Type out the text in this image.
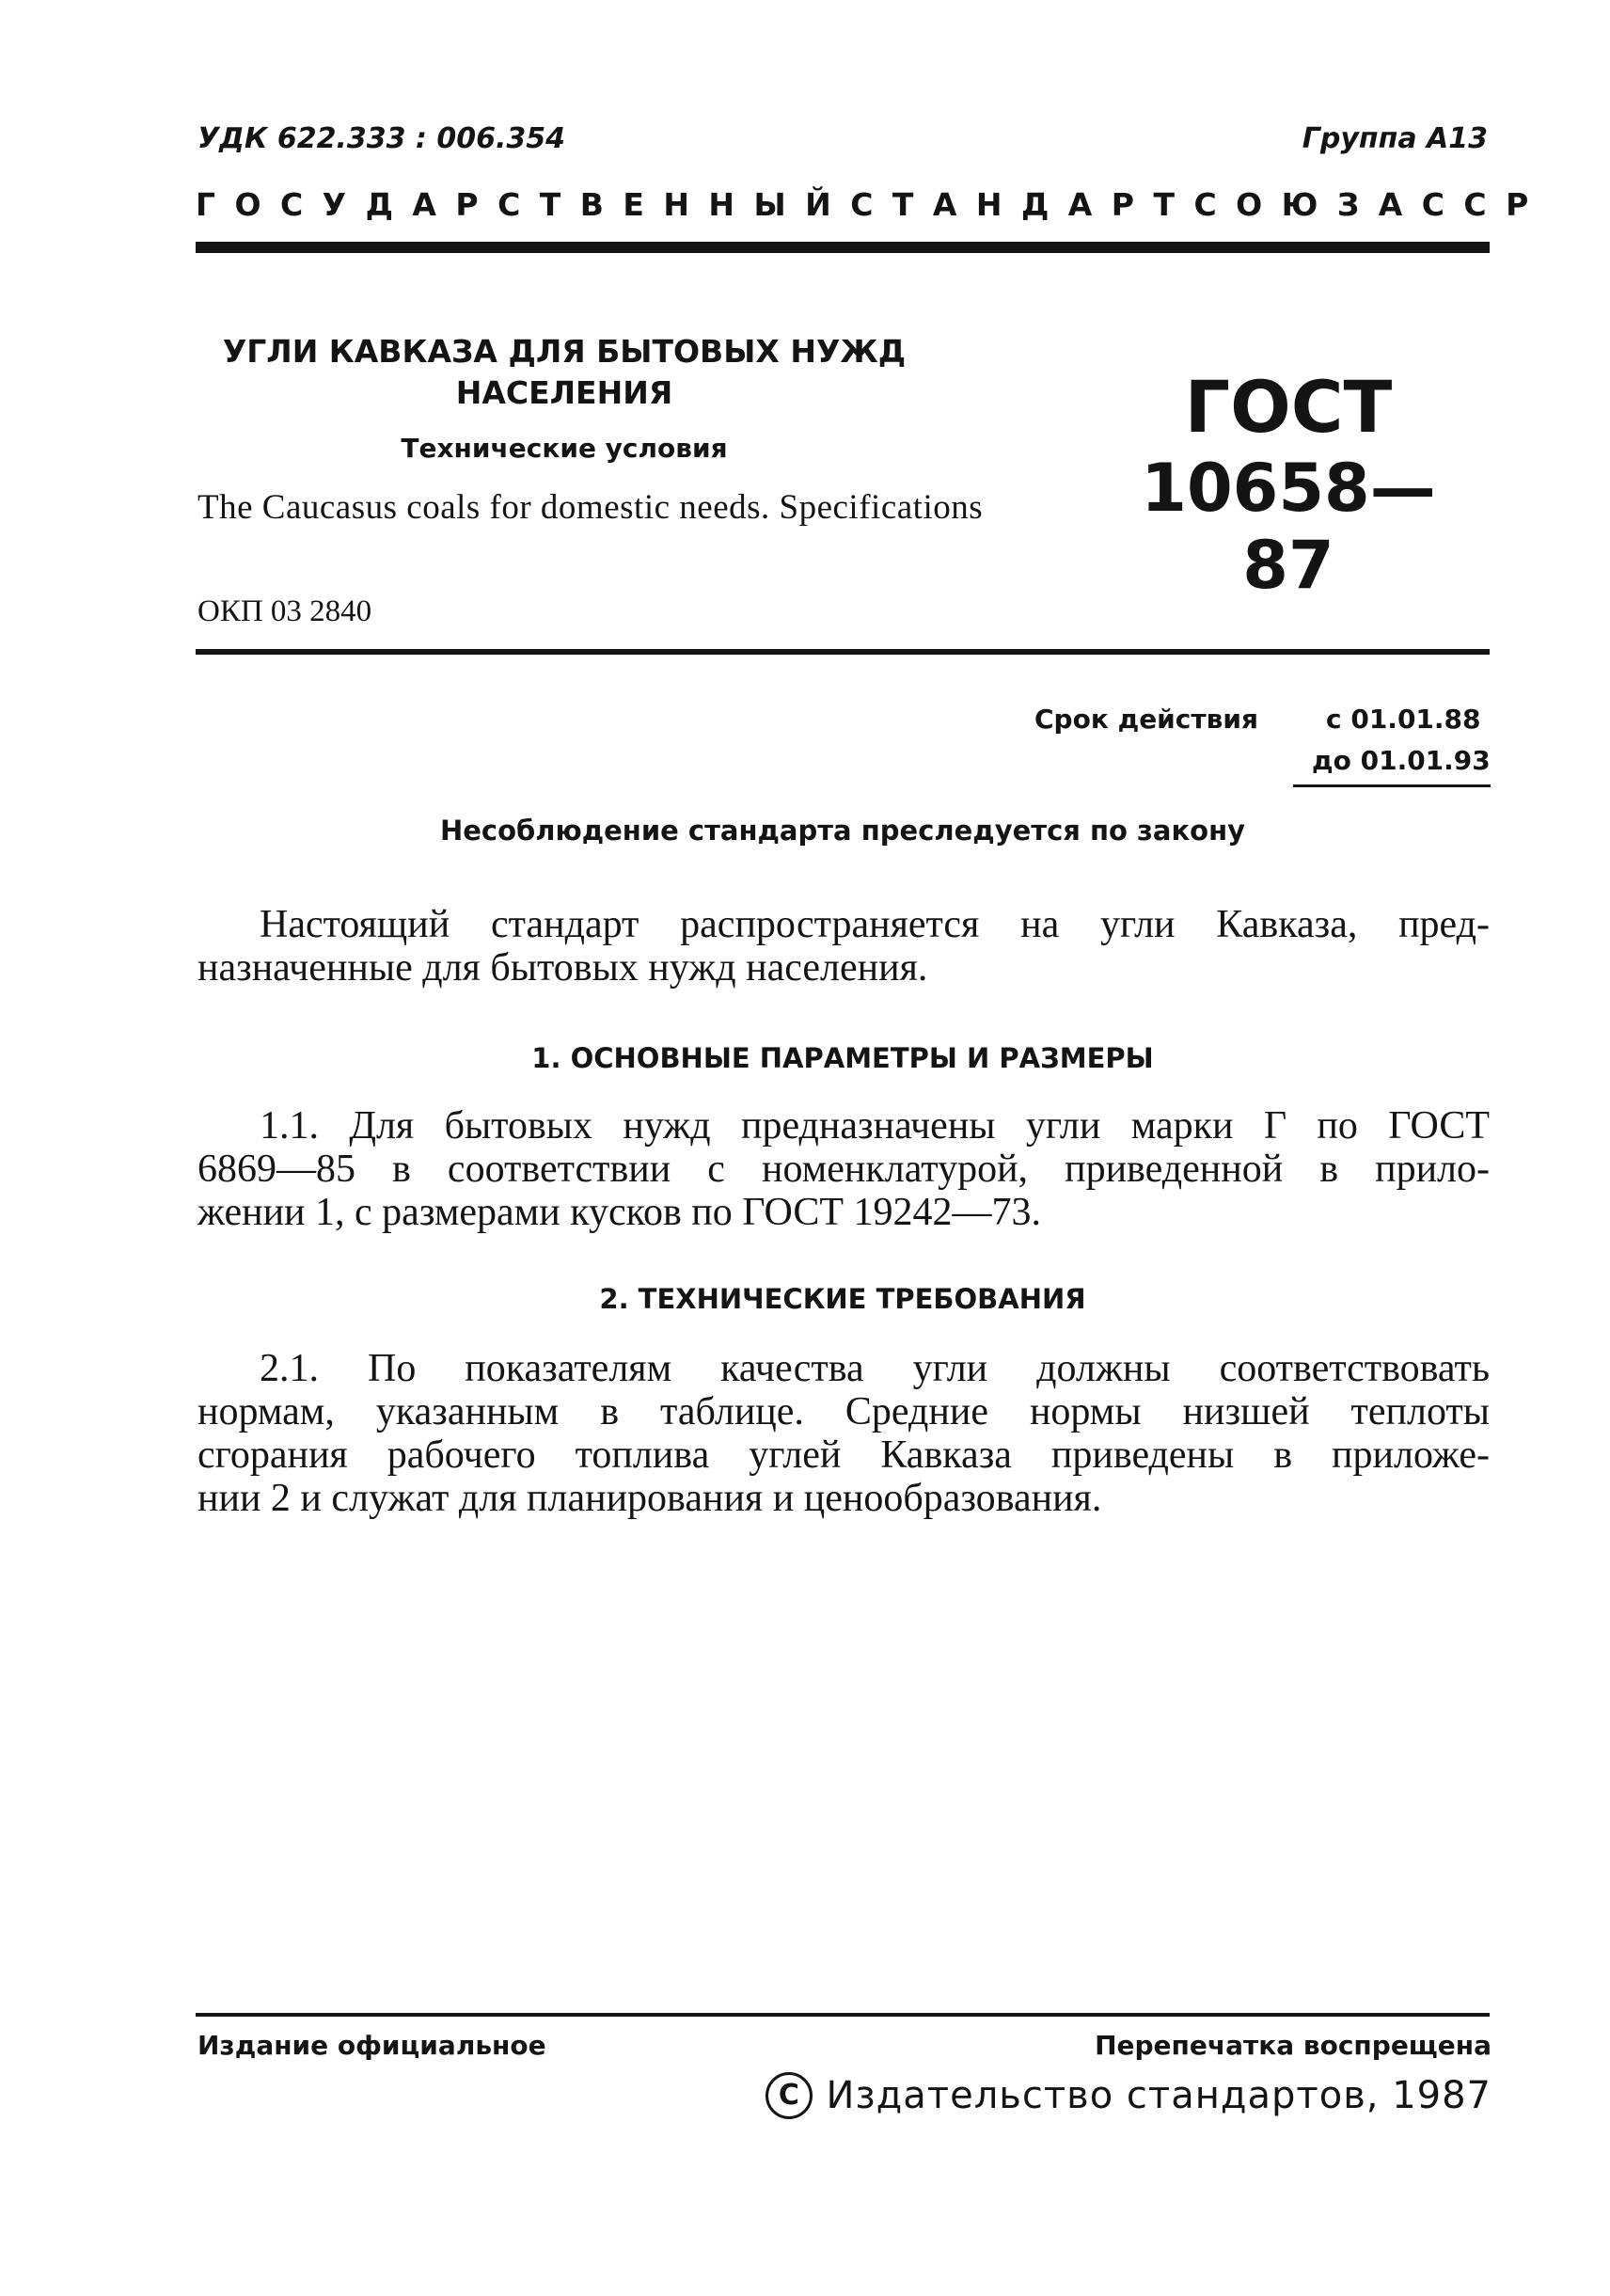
УДК 622.333 : 006.354	Группа А13
ГОСУДАРСТВЕННЫЙ СТАНДАРТ СОЮЗА ССР
УГЛИ КАВКАЗА ДЛЯ БЫТОВЫХ НУЖД
НАСЕЛЕНИЯ
Технические условия
The Caucasus coals for domestic needs. Specifications
ГОСТ
10658—87
ОКП 03 2840
Срок действия	с 01.01.88
до 01.01.93
Несоблюдение стандарта преследуется по закону
Настоящий стандарт распространяется на угли Кавказа, пред-
назначенные для бытовых нужд населения.
1. ОСНОВНЫЕ ПАРАМЕТРЫ И РАЗМЕРЫ
1.1. Для бытовых нужд предназначены угли марки Г по ГОСТ
6869—85 в соответствии с номенклатурой, приведенной в прило-
жении 1, с размерами кусков по ГОСТ 19242—73.
2. ТЕХНИЧЕСКИЕ ТРЕБОВАНИЯ
2.1. По показателям качества угли должны соответствовать
нормам, указанным в таблице. Средние нормы низшей теплоты
сгорания рабочего топлива углей Кавказа приведены в приложе-
нии 2 и служат для планирования и ценообразования.
Издание официальное	Перепечатка воспрещена
C Издательство стандартов, 1987
